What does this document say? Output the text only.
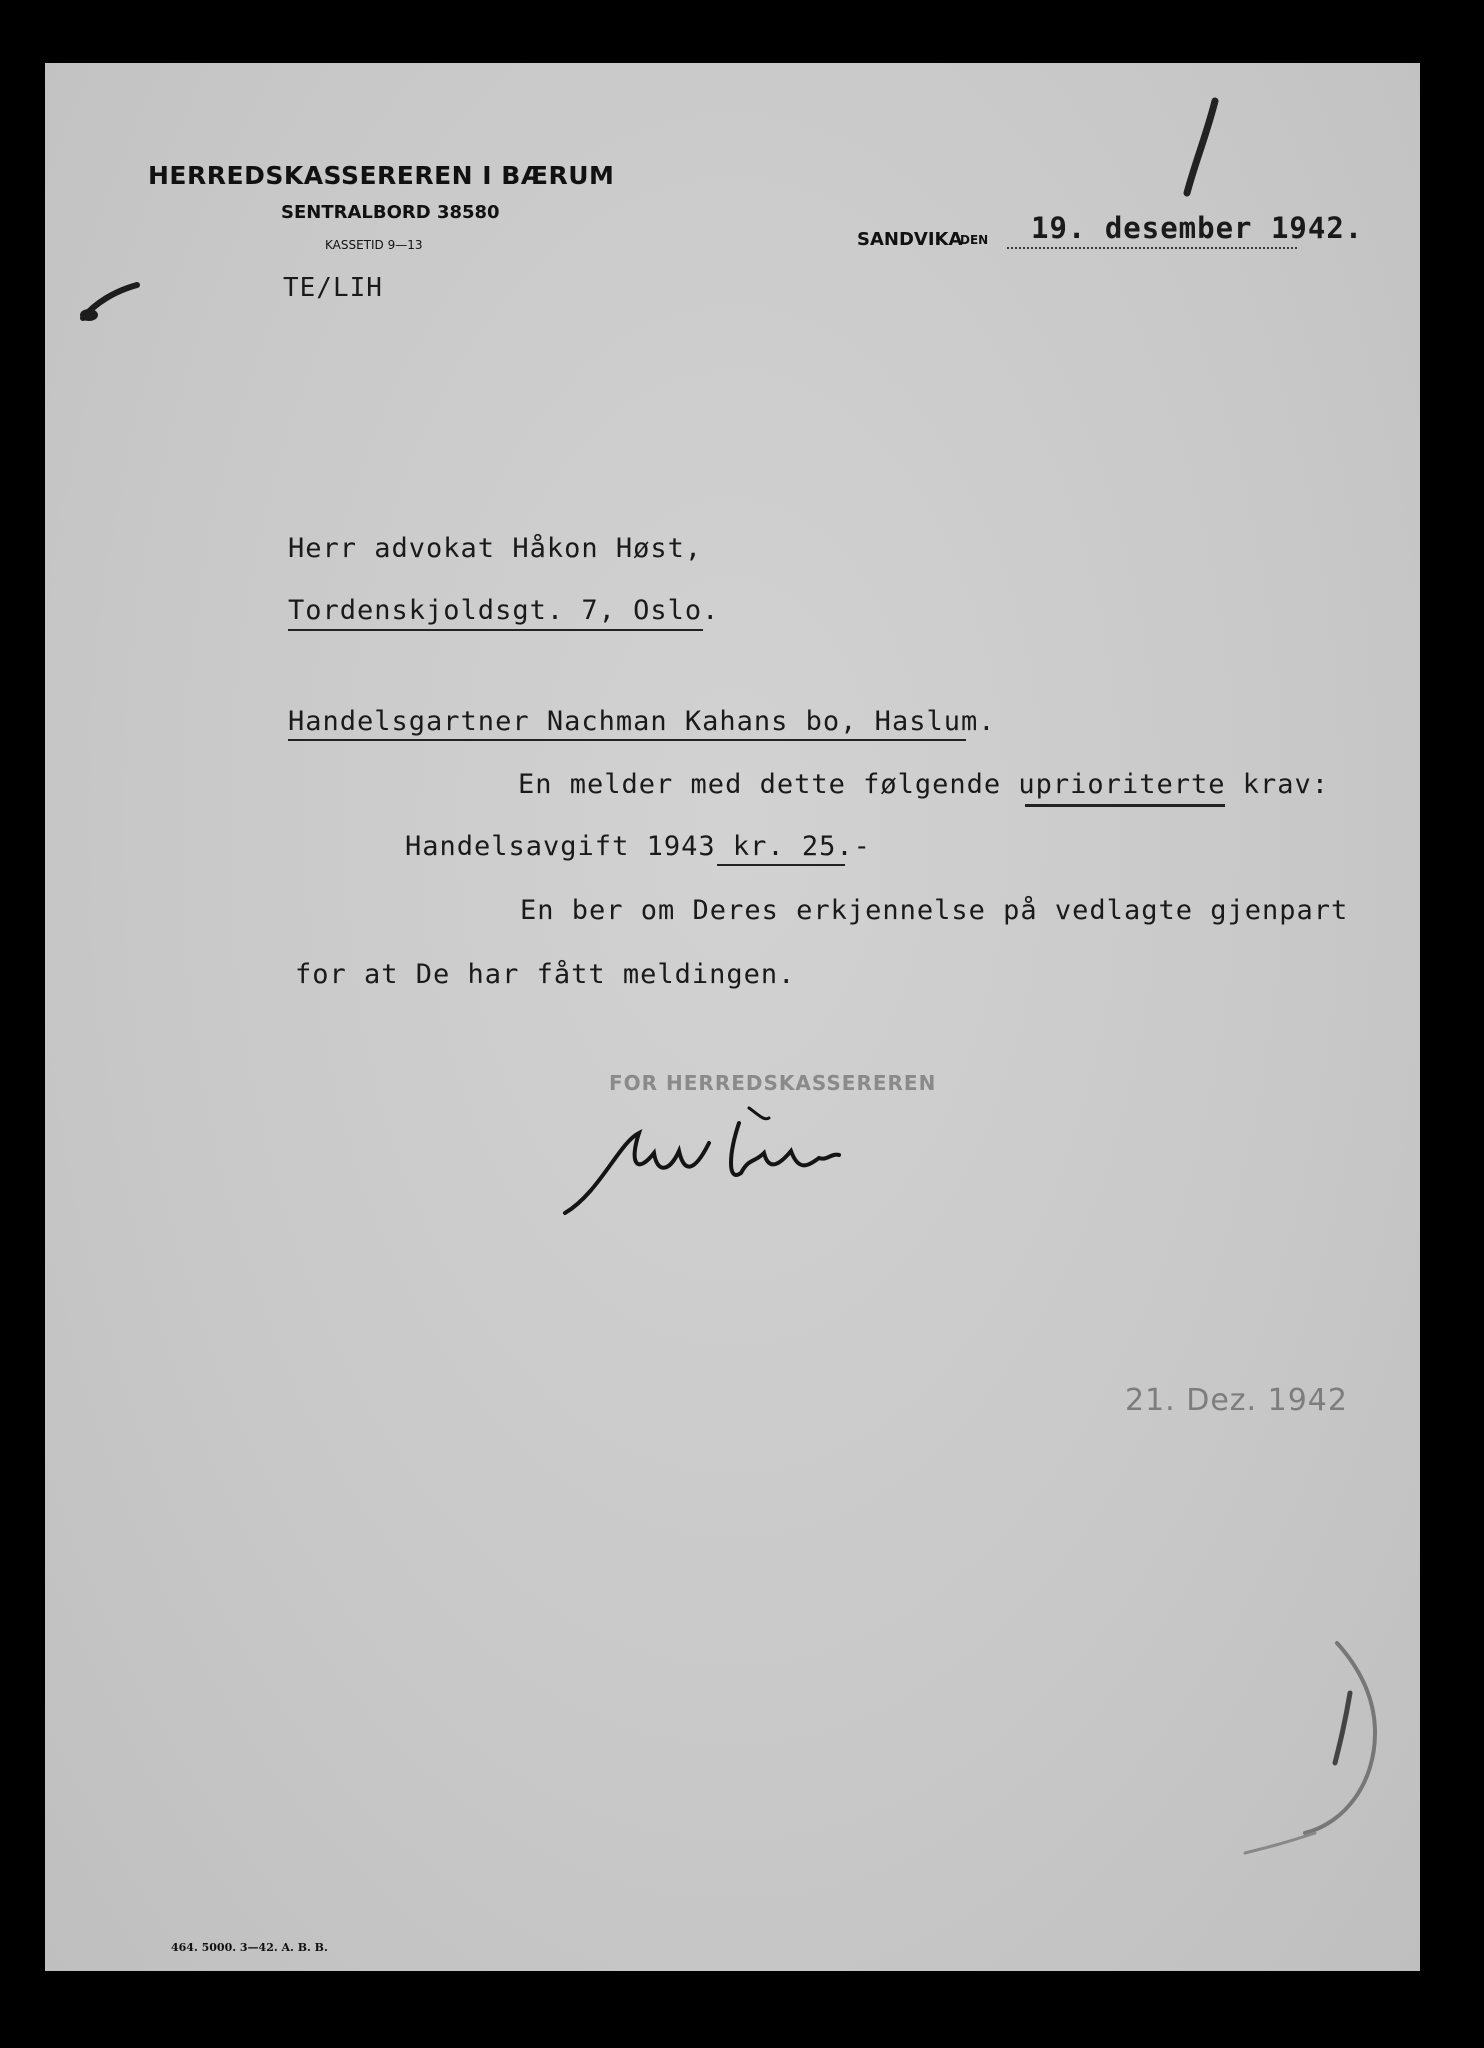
HERREDSKASSEREREN I BÆRUM
SENTRALBORD 38580
KASSETID 9—13	SANDVIKA
DEN 19. desember 1942.
TE/LIH
Herr advokat Håkon Høst,
Tordenskjoldsgt. 7, Oslo.
Handelsgartner Nachman Kahans bo, Haslum.
En melder med dette følgende uprioriterte krav:
Handelsavgift 1943 kr. 25.-
En ber om Deres erkjennelse på vedlagte gjenpart
for at De har fått meldingen.
FOR HERREDSKASSEREREN
21. Dez. 1942
464. 5000. 3—42. A. B. B.
